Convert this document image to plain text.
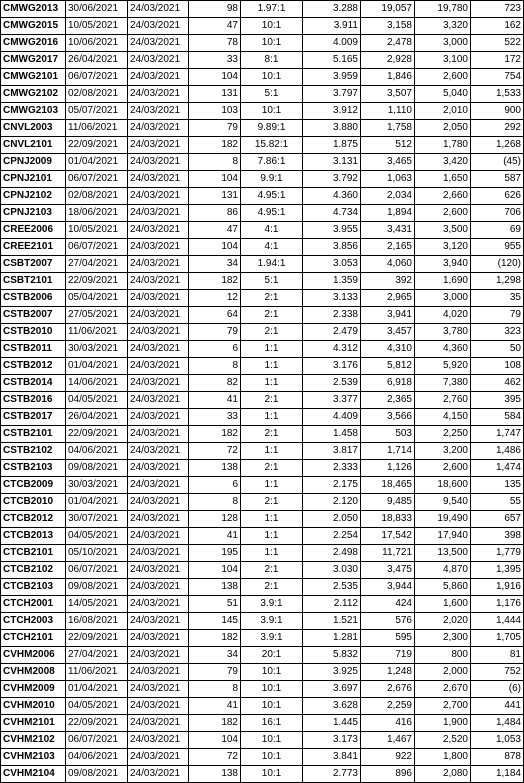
CMWG2013	30/06/2021	24/03/2021	98	1.97:1	3.288	19,057	19,780	723
CMWG2015	10/05/2021	24/03/2021	47	10:1	3.911	3,158	3,320	162
CMWG2016	10/06/2021	24/03/2021	78	10:1	4.009	2,478	3,000	522
CMWG2017	26/04/2021	24/03/2021	33	8:1	5.165	2,928	3,100	172
CMWG2101	06/07/2021	24/03/2021	104	10:1	3.959	1,846	2,600	754
CMWG2102	02/08/2021	24/03/2021	131	5:1	3.797	3,507	5,040	1,533
CMWG2103	05/07/2021	24/03/2021	103	10:1	3.912	1,110	2,010	900
CNVL2003	11/06/2021	24/03/2021	79	9.89:1	3.880	1,758	2,050	292
CNVL2101	22/09/2021	24/03/2021	182	15.82:1	1.875	512	1,780	1,268
CPNJ2009	01/04/2021	24/03/2021	8	7.86:1	3.131	3,465	3,420	(45)
CPNJ2101	06/07/2021	24/03/2021	104	9.9:1	3.792	1,063	1,650	587
CPNJ2102	02/08/2021	24/03/2021	131	4.95:1	4.360	2,034	2,660	626
CPNJ2103	18/06/2021	24/03/2021	86	4.95:1	4.734	1,894	2,600	706
CREE2006	10/05/2021	24/03/2021	47	4:1	3.955	3,431	3,500	69
CREE2101	06/07/2021	24/03/2021	104	4:1	3.856	2,165	3,120	955
CSBT2007	27/04/2021	24/03/2021	34	1.94:1	3.053	4,060	3,940	(120)
CSBT2101	22/09/2021	24/03/2021	182	5:1	1.359	392	1,690	1,298
CSTB2006	05/04/2021	24/03/2021	12	2:1	3.133	2,965	3,000	35
CSTB2007	27/05/2021	24/03/2021	64	2:1	2.338	3,941	4,020	79
CSTB2010	11/06/2021	24/03/2021	79	2:1	2.479	3,457	3,780	323
CSTB2011	30/03/2021	24/03/2021	6	1:1	4.312	4,310	4,360	50
CSTB2012	01/04/2021	24/03/2021	8	1:1	3.176	5,812	5,920	108
CSTB2014	14/06/2021	24/03/2021	82	1:1	2.539	6,918	7,380	462
CSTB2016	04/05/2021	24/03/2021	41	2:1	3.377	2,365	2,760	395
CSTB2017	26/04/2021	24/03/2021	33	1:1	4.409	3,566	4,150	584
CSTB2101	22/09/2021	24/03/2021	182	2:1	1.458	503	2,250	1,747
CSTB2102	04/06/2021	24/03/2021	72	1:1	3.817	1,714	3,200	1,486
CSTB2103	09/08/2021	24/03/2021	138	2:1	2.333	1,126	2,600	1,474
CTCB2009	30/03/2021	24/03/2021	6	1:1	2.175	18,465	18,600	135
CTCB2010	01/04/2021	24/03/2021	8	2:1	2.120	9,485	9,540	55
CTCB2012	30/07/2021	24/03/2021	128	1:1	2.050	18,833	19,490	657
CTCB2013	04/05/2021	24/03/2021	41	1:1	2.254	17,542	17,940	398
CTCB2101	05/10/2021	24/03/2021	195	1:1	2.498	11,721	13,500	1,779
CTCB2102	06/07/2021	24/03/2021	104	2:1	3.030	3,475	4,870	1,395
CTCB2103	09/08/2021	24/03/2021	138	2:1	2.535	3,944	5,860	1,916
CTCH2001	14/05/2021	24/03/2021	51	3.9:1	2.112	424	1,600	1,176
CTCH2003	16/08/2021	24/03/2021	145	3.9:1	1.521	576	2,020	1,444
CTCH2101	22/09/2021	24/03/2021	182	3.9:1	1.281	595	2,300	1,705
CVHM2006	27/04/2021	24/03/2021	34	20:1	5.832	719	800	81
CVHM2008	11/06/2021	24/03/2021	79	10:1	3.925	1,248	2,000	752
CVHM2009	01/04/2021	24/03/2021	8	10:1	3.697	2,676	2,670	(6)
CVHM2010	04/05/2021	24/03/2021	41	10:1	3.628	2,259	2,700	441
CVHM2101	22/09/2021	24/03/2021	182	16:1	1.445	416	1,900	1,484
CVHM2102	06/07/2021	24/03/2021	104	10:1	3.173	1,467	2,520	1,053
CVHM2103	04/06/2021	24/03/2021	72	10:1	3.841	922	1,800	878
CVHM2104	09/08/2021	24/03/2021	138	10:1	2.773	896	2,080	1,184
